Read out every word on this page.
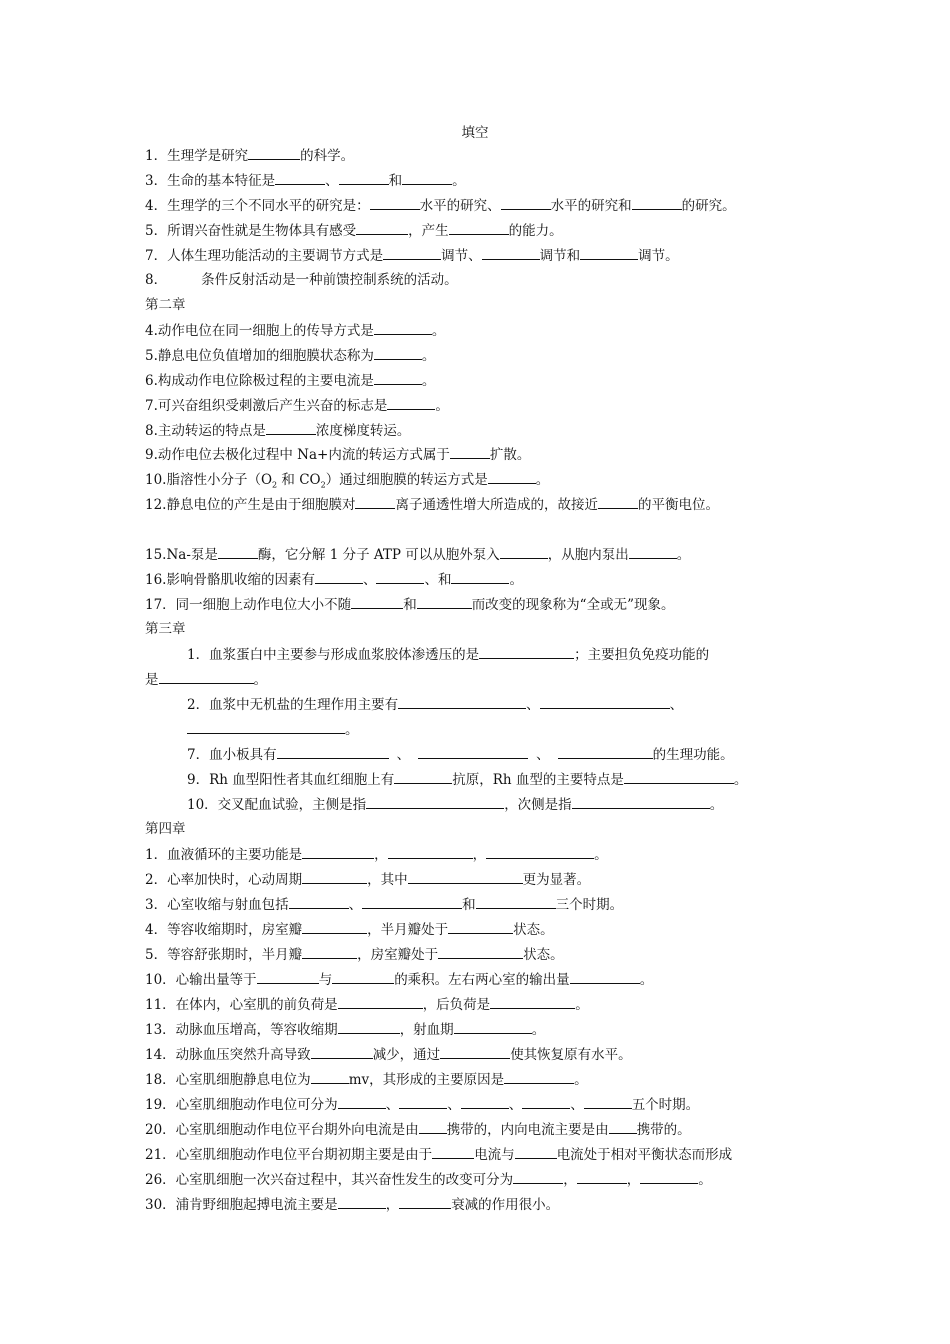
填空
1．生理学是研究	的科学。
3．生命的基本特征是	、	和	。
4．生理学的三个不同水平的研究是：	水平的研究、	水平的研究和	的研究。
5．所谓兴奋性就是生物体具有感受	，产生	的能力。
7．人体生理功能活动的主要调节方式是	调节、	调节和	调节。
8．	条件反射活动是一种前馈控制系统的活动。
第二章
4.动作电位在同一细胞上的传导方式是	。
5.静息电位负值增加的细胞膜状态称为	。
6.构成动作电位除极过程的主要电流是	。
7.可兴奋组织受刺激后产生兴奋的标志是	。
8.主动转运的特点是	浓度梯度转运。
9.动作电位去极化过程中 Na+内流的转运方式属于	扩散。
10.脂溶性小分子（$O_2$ 和 $CO_2$）通过细胞膜的转运方式是	。
12.静息电位的产生是由于细胞膜对	离子通透性增大所造成的，故接近	的平衡电位。
15.Na-泵是	酶，它分解 1 分子 ATP 可以从胞外泵入	，从胞内泵出	。
16.影响骨骼肌收缩的因素有	、	、和	。
17．同一细胞上动作电位大小不随	和	而改变的现象称为“全或无”现象。
第三章
1．血浆蛋白中主要参与形成血浆胶体渗透压的是	；主要担负免疫功能的
是	。
2．血浆中无机盐的生理作用主要有	、	、
。
7．血小板具有	、	、	的生理功能。
9．Rh 血型阳性者其血红细胞上有	抗原，Rh 血型的主要特点是	。
10．交叉配血试验，主侧是指	，次侧是指	。
第四章
1．血液循环的主要功能是	，	，	。
2．心率加快时，心动周期	，其中	更为显著。
3．心室收缩与射血包括	、	和	三个时期。
4．等容收缩期时，房室瓣	，半月瓣处于	状态。
5．等容舒张期时，半月瓣	，房室瓣处于	状态。
10．心输出量等于	与	的乘积。左右两心室的输出量	。
11．在体内，心室肌的前负荷是	，后负荷是	。
13．动脉血压增高，等容收缩期	，射血期	。
14．动脉血压突然升高导致	减少，通过	使其恢复原有水平。
18．心室肌细胞静息电位为	mv，其形成的主要原因是	。
19．心室肌细胞动作电位可分为	、	、	、	、	五个时期。
20．心室肌细胞动作电位平台期外向电流是由 携带的，内向电流主要是由 携带的。
21．心室肌细胞动作电位平台期初期主要是由于	电流与	电流处于相对平衡状态而形成
26．心室肌细胞一次兴奋过程中，其兴奋性发生的改变可分为	，	，	。
30．浦肯野细胞起搏电流主要是	，	衰减的作用很小。
